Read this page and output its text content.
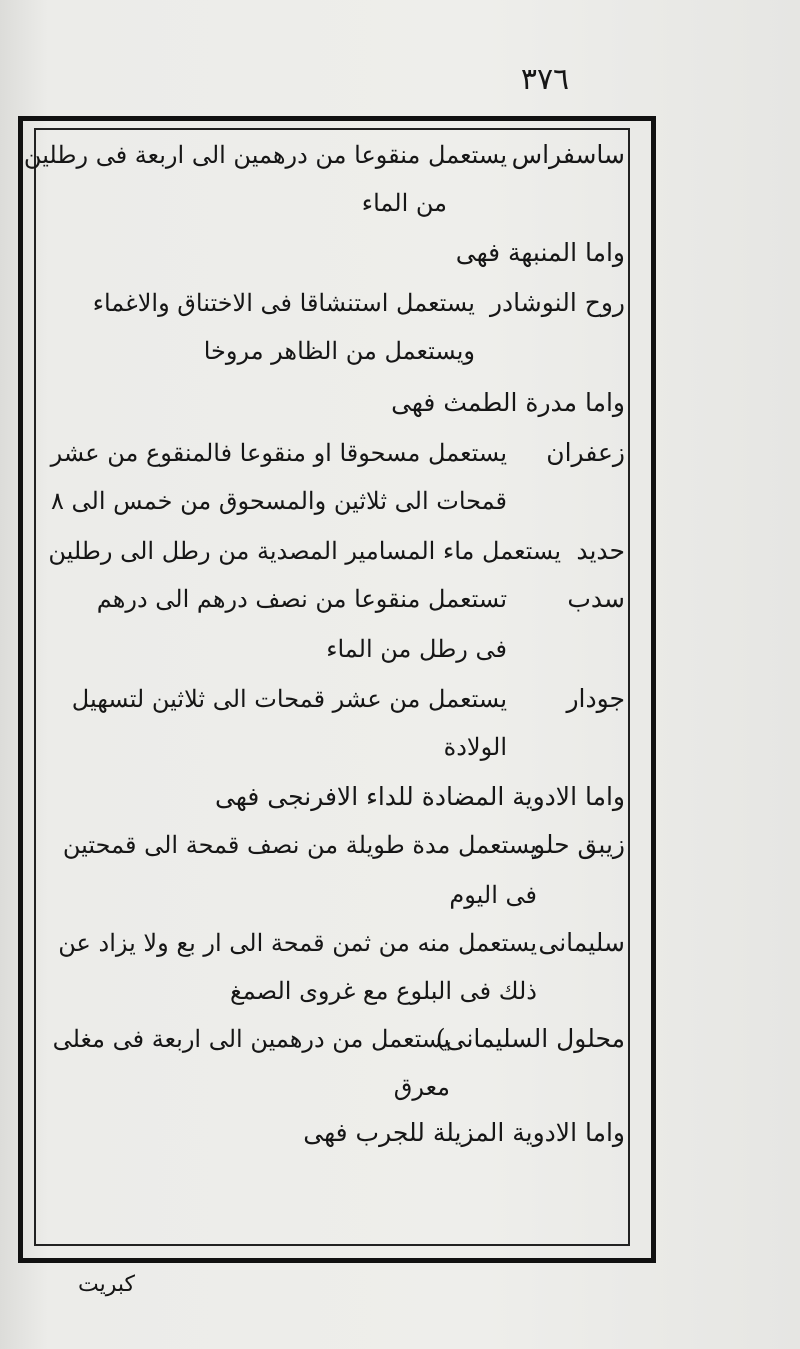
٣٧٦
ساسفراس
يستعمل منقوعا من درهمين الى اربعة فى رطلين
من الماء
واما المنبهة فهى
روح النوشادر
يستعمل استنشاقا فى الاختناق والاغماء
ويستعمل من الظاهر مروخا
واما مدرة الطمث فهى
زعفران
يستعمل مسحوقا او منقوعا فالمنقوع من عشر
قمحات الى ثلاثين والمسحوق من خمس الى ٨
حديد
يستعمل ماء المسامير المصدية من رطل الى رطلين
سدب
تستعمل منقوعا من نصف درهم الى درهم
فى رطل من الماء
جودار
يستعمل من عشر قمحات الى ثلاثين لتسهيل
الولادة
واما الادوية المضادة للداء الافرنجى فهى
زيبق حلو
يستعمل مدة طويلة من نصف قمحة الى قمحتين
فى اليوم
سليمانى
يستعمل منه من ثمن قمحة الى ار بع ولا يزاد عن
ذلك فى البلوع مع غروى الصمغ
محلول السليمانى)
يستعمل من درهمين الى اربعة فى مغلى
معرق
واما الادوية المزيلة للجرب فهى
كبريت
